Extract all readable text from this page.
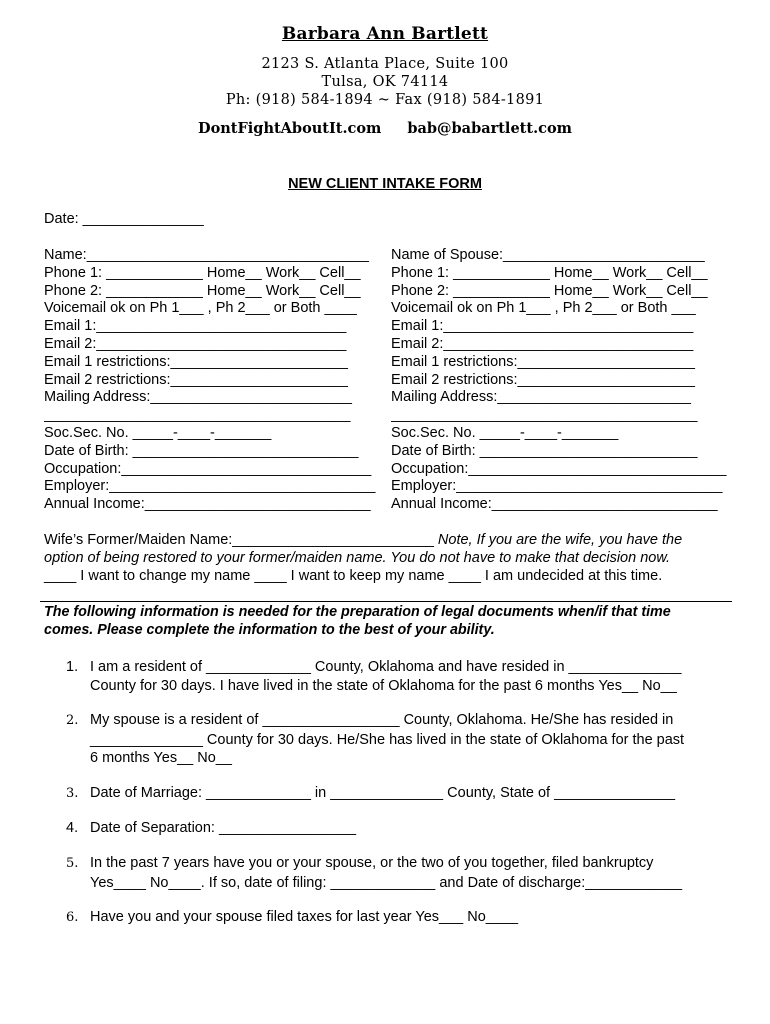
Barbara Ann Bartlett
2123 S. Atlanta Place, Suite 100
Tulsa, OK 74114
Ph: (918) 584-1894 ~ Fax (918) 584-1891
DontFightAboutIt.com bab@babartlett.com
NEW CLIENT INTAKE FORM
Date: _______________
Name:___________________________________
Phone 1: ____________ Home__ Work__ Cell__
Phone 2: ____________ Home__ Work__ Cell__
Voicemail ok on Ph 1___ , Ph 2___ or Both ____
Email 1:_______________________________
Email 2:_______________________________
Email 1 restrictions:______________________
Email 2 restrictions:______________________
Mailing Address:_________________________
______________________________________
Soc.Sec. No. _____-____-_______
Date of Birth: ____________________________
Occupation:_______________________________
Employer:_________________________________
Annual Income:____________________________
Name of Spouse:_________________________
Phone 1: ____________ Home__ Work__ Cell__
Phone 2: ____________ Home__ Work__ Cell__
Voicemail ok on Ph 1___ , Ph 2___ or Both ___
Email 1:_______________________________
Email 2:_______________________________
Email 1 restrictions:______________________
Email 2 restrictions:______________________
Mailing Address:________________________
______________________________________
Soc.Sec. No. _____-____-_______
Date of Birth: ___________________________
Occupation:________________________________
Employer:_________________________________
Annual Income:____________________________
Wife’s Former/Maiden Name:_________________________ Note, If you are the wife, you have the
option of being restored to your former/maiden name. You do not have to make that decision now.
____ I want to change my name ____ I want to keep my name ____ I am undecided at this time.
The following information is needed for the preparation of legal documents when/if that time
comes. Please complete the information to the best of your ability.
1. I am a resident of _____________ County, Oklahoma and have resided in ______________
County for 30 days. I have lived in the state of Oklahoma for the past 6 months Yes__ No__
2. My spouse is a resident of _________________ County, Oklahoma. He/She has resided in
______________ County for 30 days. He/She has lived in the state of Oklahoma for the past
6 months Yes__ No__
3. Date of Marriage: _____________ in ______________ County, State of _______________
4. Date of Separation: _________________
5. In the past 7 years have you or your spouse, or the two of you together, filed bankruptcy
Yes____ No____. If so, date of filing: _____________ and Date of discharge:____________
6. Have you and your spouse filed taxes for last year Yes___ No____
